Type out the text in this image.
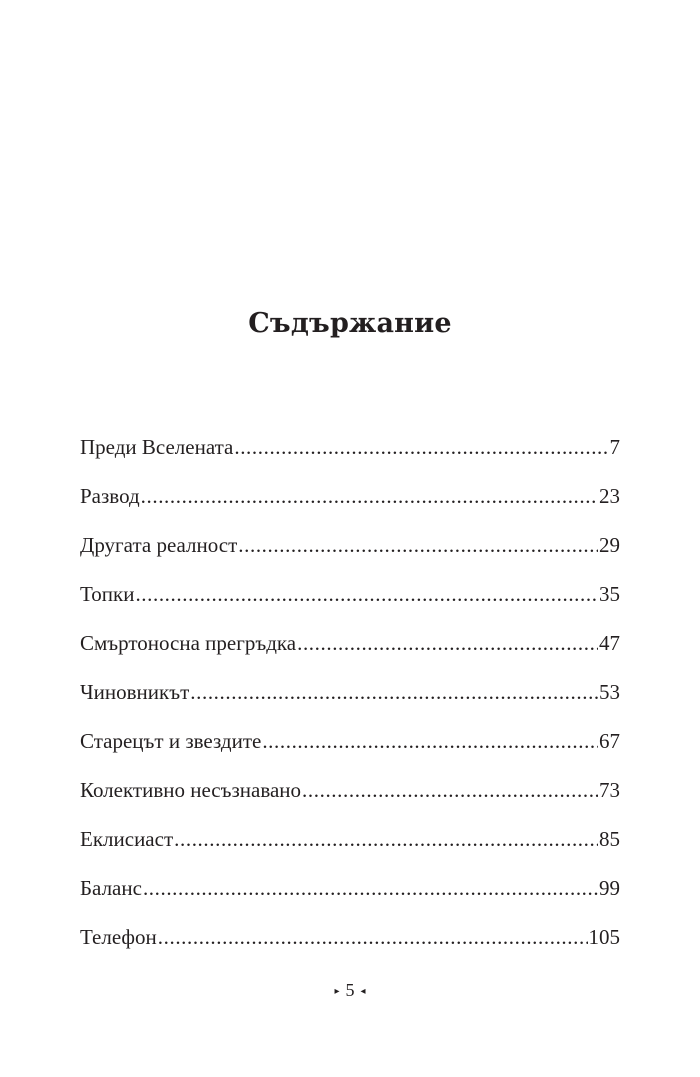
Съдържание
Преди Вселената .....	7
Развод .....	23
Другата реалност .....	29
Топки .....	35
Смъртоносна прегръдка .....	47
Чиновникът .....	53
Старецът и звездите .....	67
Колективно несъзнавано .....	73
Еклисиаст .....	85
Баланс .....	99
Телефон .....	105
▸ 5 ◂
